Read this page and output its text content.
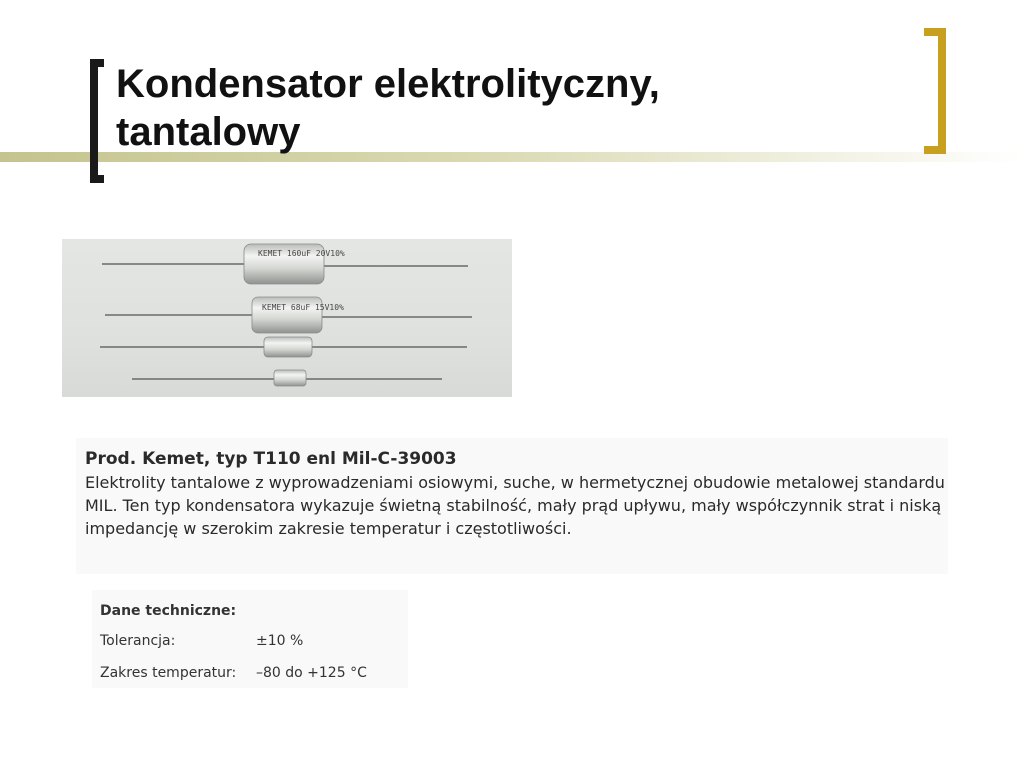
Kondensator elektrolityczny,
tantalowy
KEMET 160uF 20V10%
KEMET 68uF 15V10%
Prod. Kemet, typ T110 enl Mil-C-39003
Elektrolity tantalowe z wyprowadzeniami osiowymi, suche, w hermetycznej obudowie metalowej standardu MIL. Ten typ kondensatora wykazuje świetną stabilność, mały prąd upływu, mały współczynnik strat i niską impedancję w szerokim zakresie temperatur i częstotliwości.
Dane techniczne:
Tolerancja:	±10 %
Zakres temperatur: –80 do +125 °C
